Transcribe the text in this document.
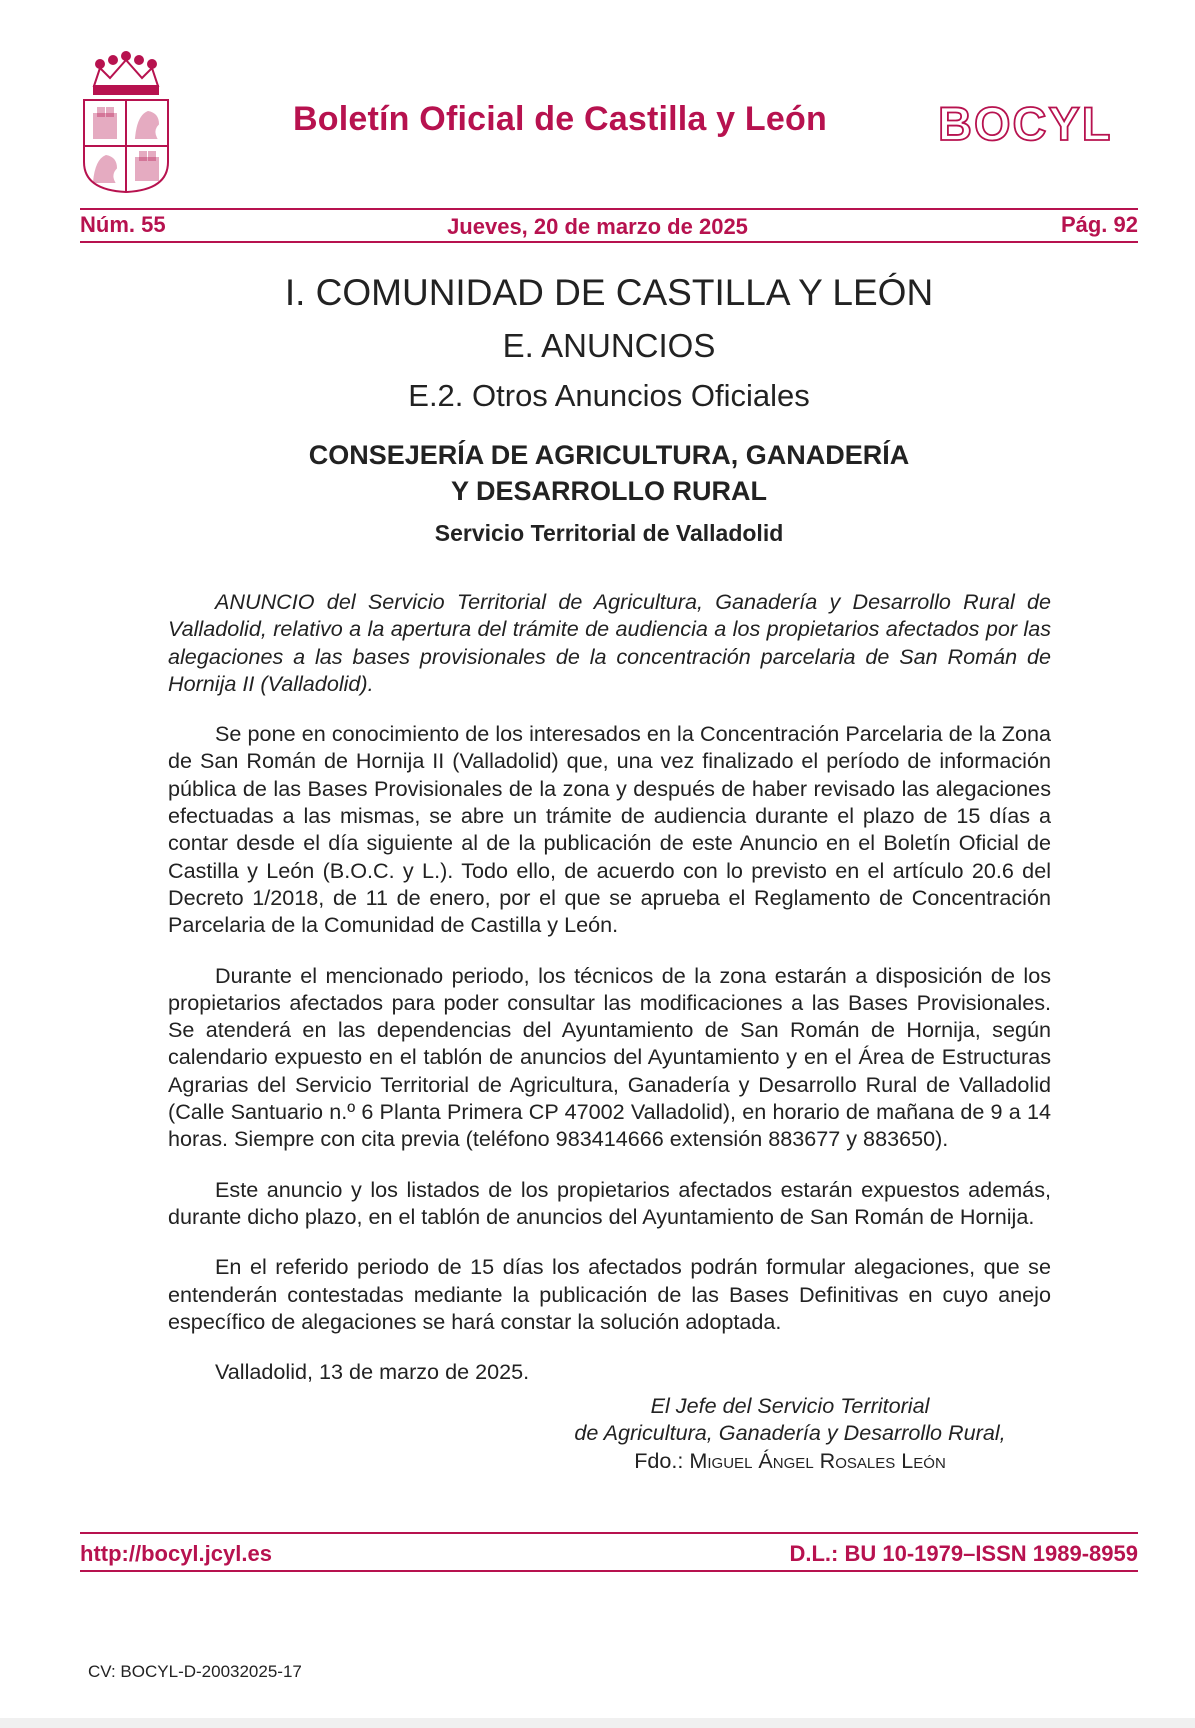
Boletín Oficial de Castilla y León	BOCYL
Núm. 55	Jueves, 20 de marzo de 2025	Pág. 92
I. COMUNIDAD DE CASTILLA Y LEÓN
E. ANUNCIOS
E.2. Otros Anuncios Oficiales
CONSEJERÍA DE AGRICULTURA, GANADERÍA
Y DESARROLLO RURAL
Servicio Territorial de Valladolid

ANUNCIO del Servicio Territorial de Agricultura, Ganadería y Desarrollo Rural de Valladolid, relativo a la apertura del trámite de audiencia a los propietarios afectados por las alegaciones a las bases provisionales de la concentración parcelaria de San Román de Hornija II (Valladolid).

Se pone en conocimiento de los interesados en la Concentración Parcelaria de la Zona de San Román de Hornija II (Valladolid) que, una vez finalizado el período de información pública de las Bases Provisionales de la zona y después de haber revisado las alegaciones efectuadas a las mismas, se abre un trámite de audiencia durante el plazo de 15 días a contar desde el día siguiente al de la publicación de este Anuncio en el Boletín Oficial de Castilla y León (B.O.C. y L.). Todo ello, de acuerdo con lo previsto en el artículo 20.6 del Decreto 1/2018, de 11 de enero, por el que se aprueba el Reglamento de Concentración Parcelaria de la Comunidad de Castilla y León.

Durante el mencionado periodo, los técnicos de la zona estarán a disposición de los propietarios afectados para poder consultar las modificaciones a las Bases Provisionales. Se atenderá en las dependencias del Ayuntamiento de San Román de Hornija, según calendario expuesto en el tablón de anuncios del Ayuntamiento y en el Área de Estructuras Agrarias del Servicio Territorial de Agricultura, Ganadería y Desarrollo Rural de Valladolid (Calle Santuario n.º 6 Planta Primera CP 47002 Valladolid), en horario de mañana de 9 a 14 horas. Siempre con cita previa (teléfono 983414666 extensión 883677 y 883650).

Este anuncio y los listados de los propietarios afectados estarán expuestos además, durante dicho plazo, en el tablón de anuncios del Ayuntamiento de San Román de Hornija.

En el referido periodo de 15 días los afectados podrán formular alegaciones, que se entenderán contestadas mediante la publicación de las Bases Definitivas en cuyo anejo específico de alegaciones se hará constar la solución adoptada.

Valladolid, 13 de marzo de 2025.

El Jefe del Servicio Territorial
de Agricultura, Ganadería y Desarrollo Rural,
Fdo.: Miguel Ángel Rosales León
http://bocyl.jcyl.es	D.L.: BU 10-1979–ISSN 1989-8959
CV: BOCYL-D-20032025-17
